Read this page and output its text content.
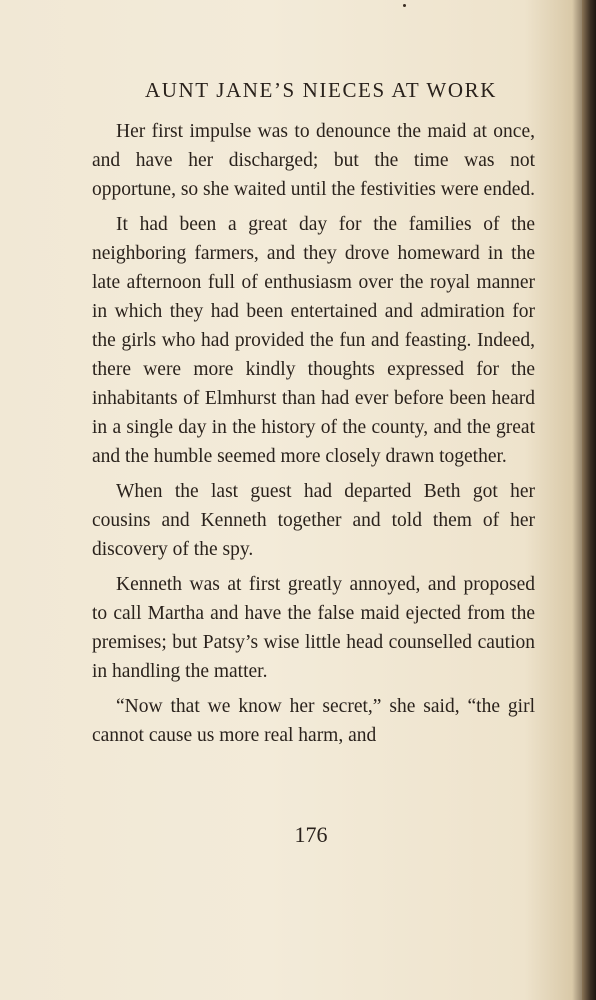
AUNT JANE’S NIECES AT WORK

Her first impulse was to denounce the maid at once, and have her discharged; but the time was not opportune, so she waited until the festivities were ended.

It had been a great day for the families of the neighboring farmers, and they drove homeward in the late afternoon full of enthusiasm over the royal manner in which they had been entertained and admiration for the girls who had provided the fun and feasting. Indeed, there were more kindly thoughts expressed for the inhabitants of Elmhurst than had ever before been heard in a single day in the history of the county, and the great and the humble seemed more closely drawn together.

When the last guest had departed Beth got her cousins and Kenneth together and told them of her discovery of the spy.

Kenneth was at first greatly annoyed, and proposed to call Martha and have the false maid ejected from the premises; but Patsy’s wise little head counselled caution in handling the matter.

“Now that we know her secret,” she said, “the girl cannot cause us more real harm, and

176
